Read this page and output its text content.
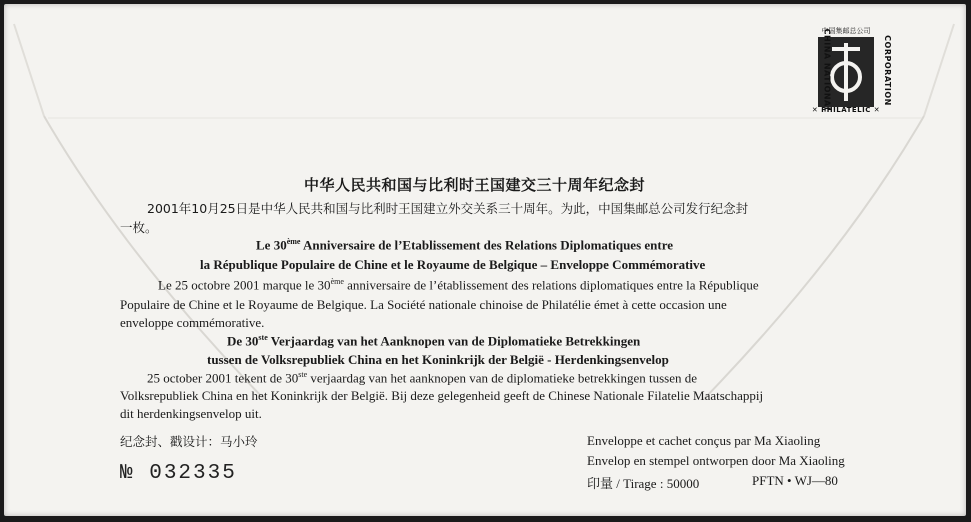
中国集邮总公司
CHINA NATIONAL	CORPORATION
✕ PHILATELIC ✕
中华人民共和国与比利时王国建交三十周年纪念封
2001年10月25日是中华人民共和国与比利时王国建立外交关系三十周年。为此，中国集邮总公司发行纪念封
一枚。
Le 30ème Anniversaire de l’Etablissement des Relations Diplomatiques entre
la République Populaire de Chine et le Royaume de Belgique – Enveloppe Commémorative
Le 25 octobre 2001 marque le 30ème anniversaire de l’établissement des relations diplomatiques entre la République
Populaire de Chine et le Royaume de Belgique. La Société nationale chinoise de Philatélie émet à cette occasion une
enveloppe commémorative.
De 30ste Verjaardag van het Aanknopen van de Diplomatieke Betrekkingen
tussen de Volksrepubliek China en het Koninkrijk der België - Herdenkingsenvelop
25 october 2001 tekent de 30ste verjaardag van het aanknopen van de diplomatieke betrekkingen tussen de
Volksrepubliek China en het Koninkrijk der België. Bij deze gelegenheid geeft de Chinese Nationale Filatelie Maatschappij
dit herdenkingsenvelop uit.
纪念封、戳设计：马小玲	Enveloppe et cachet conçus par Ma Xiaoling
Envelop en stempel ontworpen door Ma Xiaoling
印量 / Tirage : 50000	PFTN • WJ—80
№ 032335
